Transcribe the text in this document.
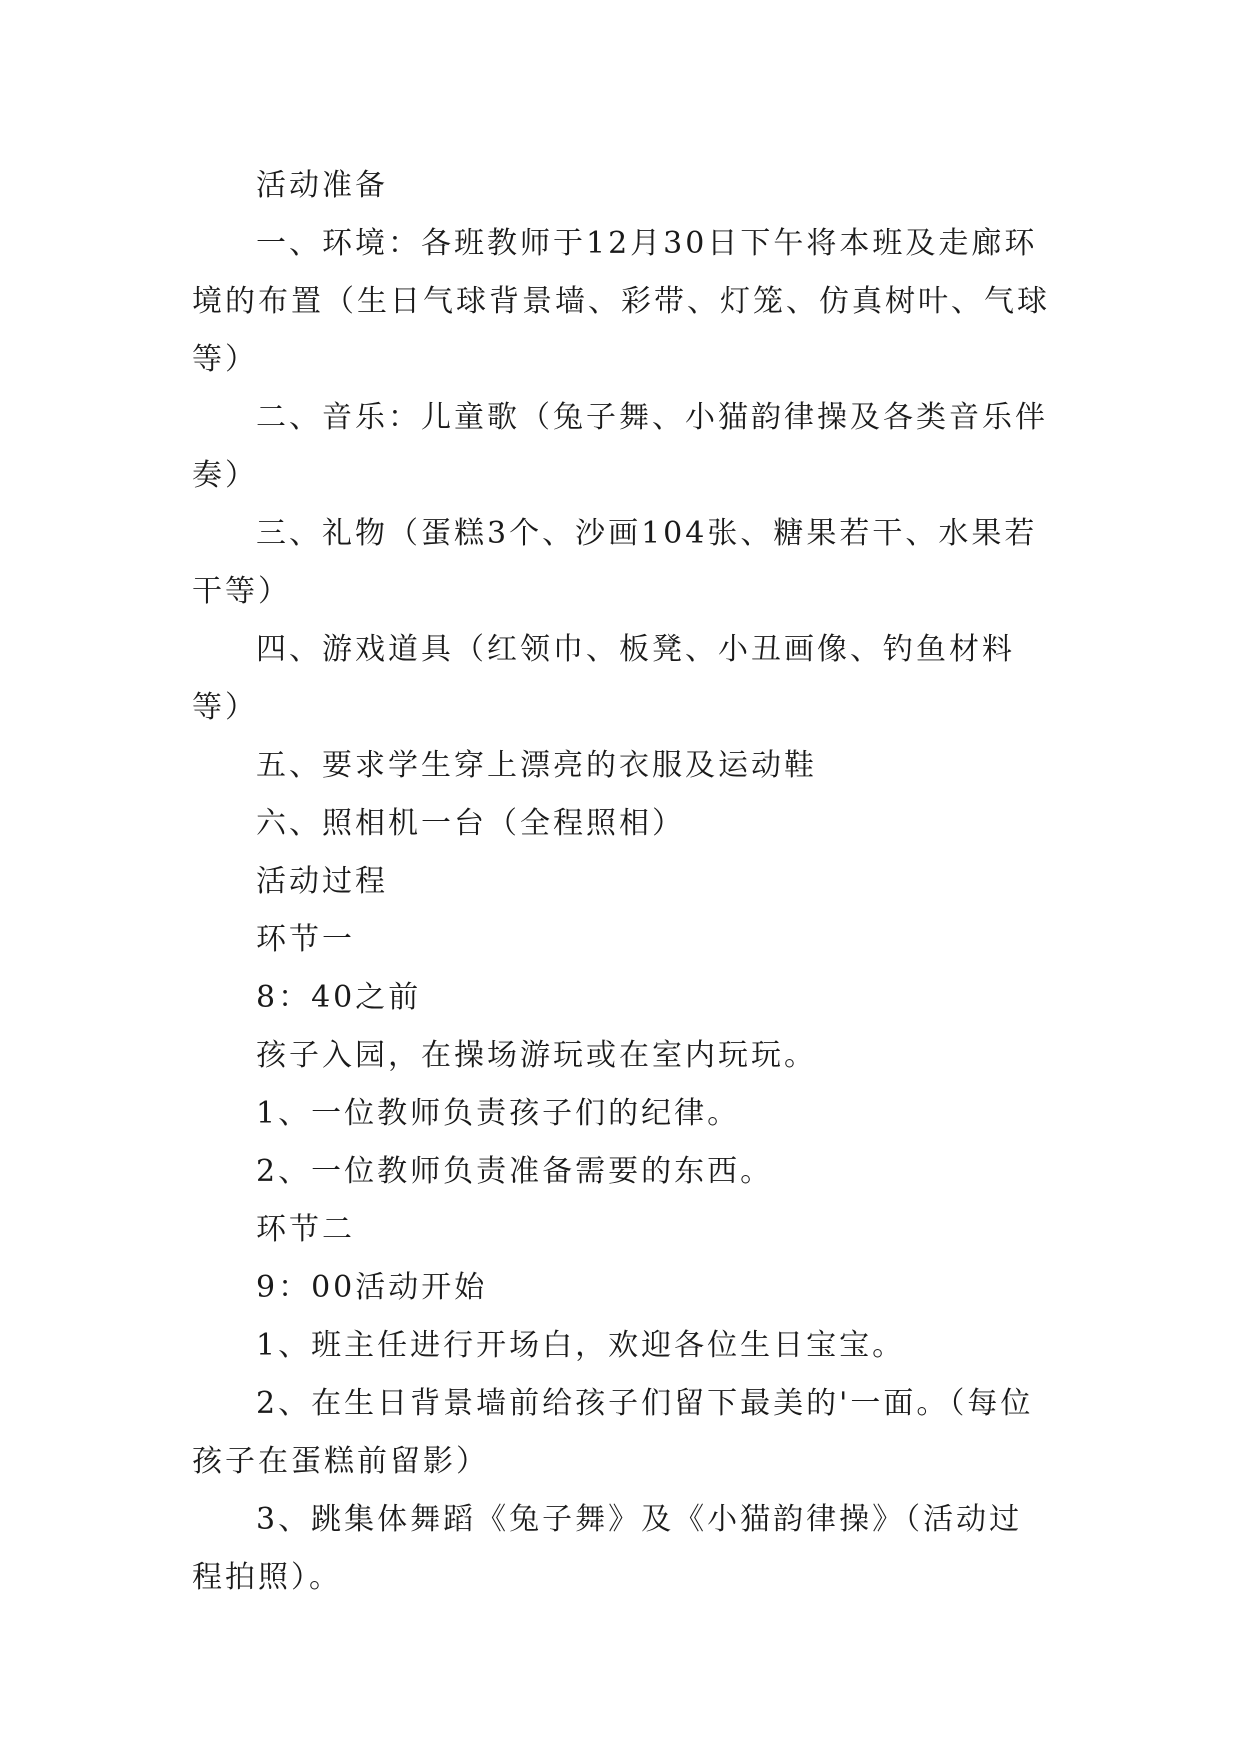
活动准备

一、环境：各班教师于12月30日下午将本班及走廊环境的布置（生日气球背景墙、彩带、灯笼、仿真树叶、气球等）

二、音乐：儿童歌（兔子舞、小猫韵律操及各类音乐伴奏）

三、礼物（蛋糕3个、沙画104张、糖果若干、水果若干等）

四、游戏道具（红领巾、板凳、小丑画像、钓鱼材料等）

五、要求学生穿上漂亮的衣服及运动鞋

六、照相机一台（全程照相）

活动过程

环节一

8：40之前

孩子入园，在操场游玩或在室内玩玩。

1、一位教师负责孩子们的纪律。

2、一位教师负责准备需要的东西。

环节二

9：00活动开始

1、班主任进行开场白，欢迎各位生日宝宝。

2、在生日背景墙前给孩子们留下最美的'一面。（每位孩子在蛋糕前留影）

3、跳集体舞蹈《兔子舞》及《小猫韵律操》（活动过程拍照）。
